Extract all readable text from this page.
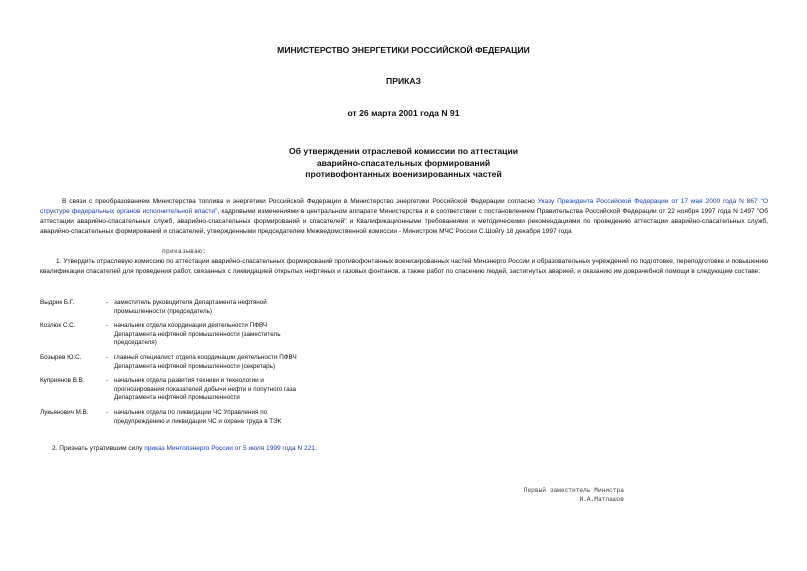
МИНИСТЕРСТВО ЭНЕРГЕТИКИ РОССИЙСКОЙ ФЕДЕРАЦИИ
ПРИКАЗ
от 26 марта 2001 года N 91
Об утверждении отраслевой комиссии по аттестации
аварийно-спасательных формирований
противофонтанных военизированных частей
В связи с преобразованием Министерства топлива и энергетики Российской Федерации в Министерство энергетики Российской Федерации согласно Указу Президента Российской Федерации от 17 мая 2000 года N 867 "О структуре федеральных органов исполнительной власти", кадровыми изменениями в центральном аппарате Министерства и в соответствии с постановлением Правительства Российской Федерации от 22 ноября 1997 года N 1497 "Об аттестации аварийно-спасательных служб, аварийно-спасательных формирований и спасателей" и Квалификационными требованиями и методическими рекомендациями по проведению аттестации аварийно-спасательных служб, аварийно-спасательных формирований и спасателей, утвержденными председателем Межведомственной комиссии - Министром МЧС России С.Шойгу 18 декабря 1997 года
приказываю:
1. Утвердить отраслевую комиссию по аттестации аварийно-спасательных формирований противофонтанных военизированных частей Минэнерго России и образовательных учреждений по подготовке, переподготовке и повышению квалификации спасателей для проведения работ, связанных с ликвидацией открытых нефтяных и газовых фонтанов, а также работ по спасению людей, застигнутых аварией, и оказанию им доврачебной помощи в следующем составе:
Выдрик Б.Г.	- заместитель руководителя Департамента нефтяной промышленности (председатель)
Козлюк С.С.	- начальник отдела координации деятельности ПФВЧ Департамента нефтяной промышленности (заместитель председателя)
Бозырев Ю.С.	- главный специалист отдела координации деятельности ПФВЧ Департамента нефтяной промышленности (секретарь)
Куприянов В.В.	- начальник отдела развития техники и технологии и прогнозирования показателей добычи нефти и попутного газа Департамента нефтяной промышленности
Лукьянович М.В.	- начальник отдела по ликвидации ЧС Управления по предупреждению и ликвидации ЧС и охране труда в ТЭК
2. Признать утратившим силу приказ Минтопэнерго России от 5 июля 1999 года N 221.
Первый заместитель Министра
И.А.Матлашов
